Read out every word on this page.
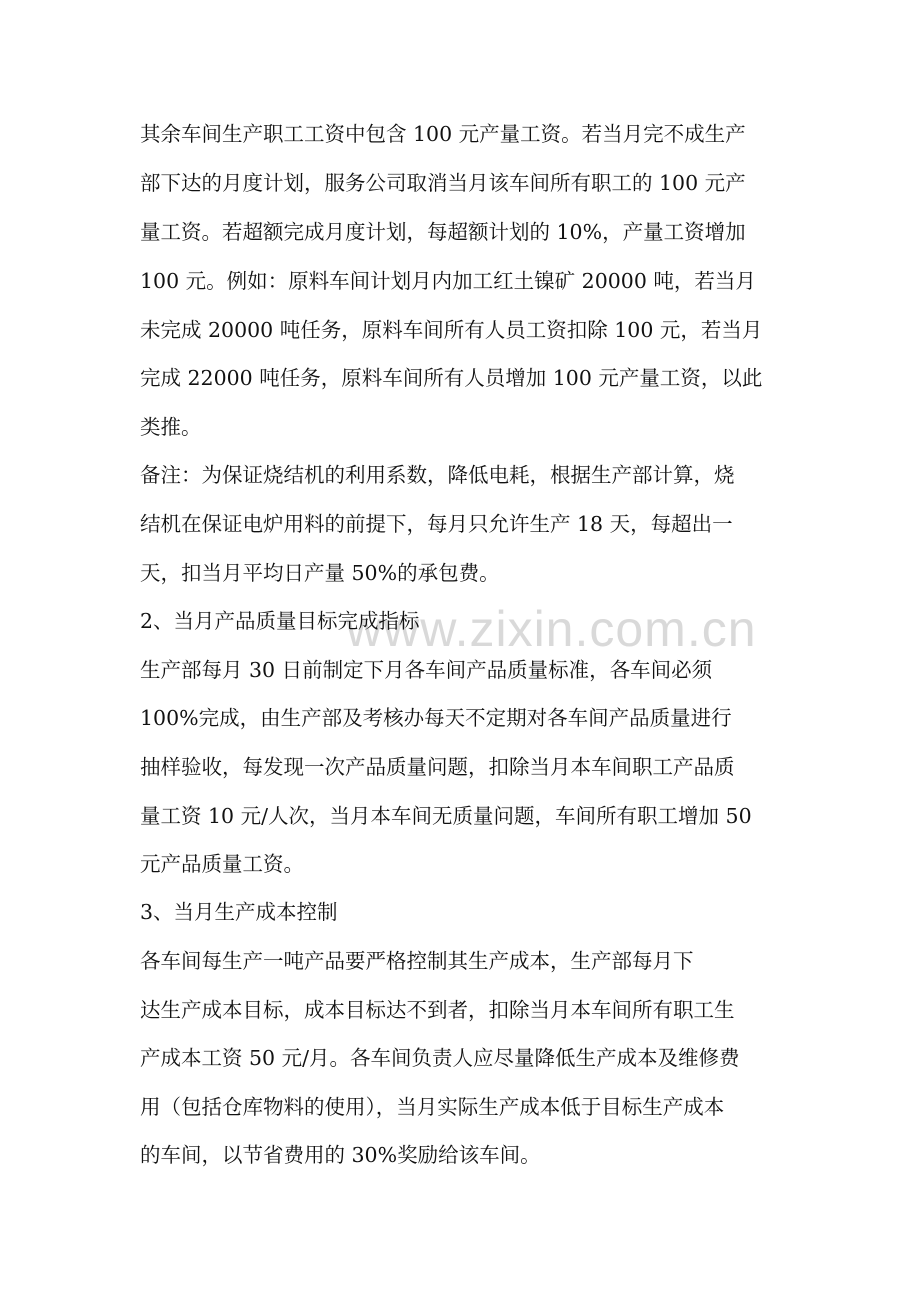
www.zixin.com.cn
其余车间生产职工工资中包含 100 元产量工资。若当月完不成生产
部下达的月度计划，服务公司取消当月该车间所有职工的 100 元产
量工资。若超额完成月度计划，每超额计划的 10%，产量工资增加
100 元。例如：原料车间计划月内加工红土镍矿 20000 吨，若当月
未完成 20000 吨任务，原料车间所有人员工资扣除 100 元，若当月
完成 22000 吨任务，原料车间所有人员增加 100 元产量工资，以此
类推。
备注：为保证烧结机的利用系数，降低电耗，根据生产部计算，烧
结机在保证电炉用料的前提下，每月只允许生产 18 天，每超出一
天，扣当月平均日产量 50%的承包费。
2、当月产品质量目标完成指标
生产部每月 30 日前制定下月各车间产品质量标准，各车间必须
100%完成，由生产部及考核办每天不定期对各车间产品质量进行
抽样验收，每发现一次产品质量问题，扣除当月本车间职工产品质
量工资 10 元/人次，当月本车间无质量问题，车间所有职工增加 50
元产品质量工资。
3、当月生产成本控制
各车间每生产一吨产品要严格控制其生产成本，生产部每月下
达生产成本目标，成本目标达不到者，扣除当月本车间所有职工生
产成本工资 50 元/月。各车间负责人应尽量降低生产成本及维修费
用（包括仓库物料的使用），当月实际生产成本低于目标生产成本
的车间，以节省费用的 30%奖励给该车间。
